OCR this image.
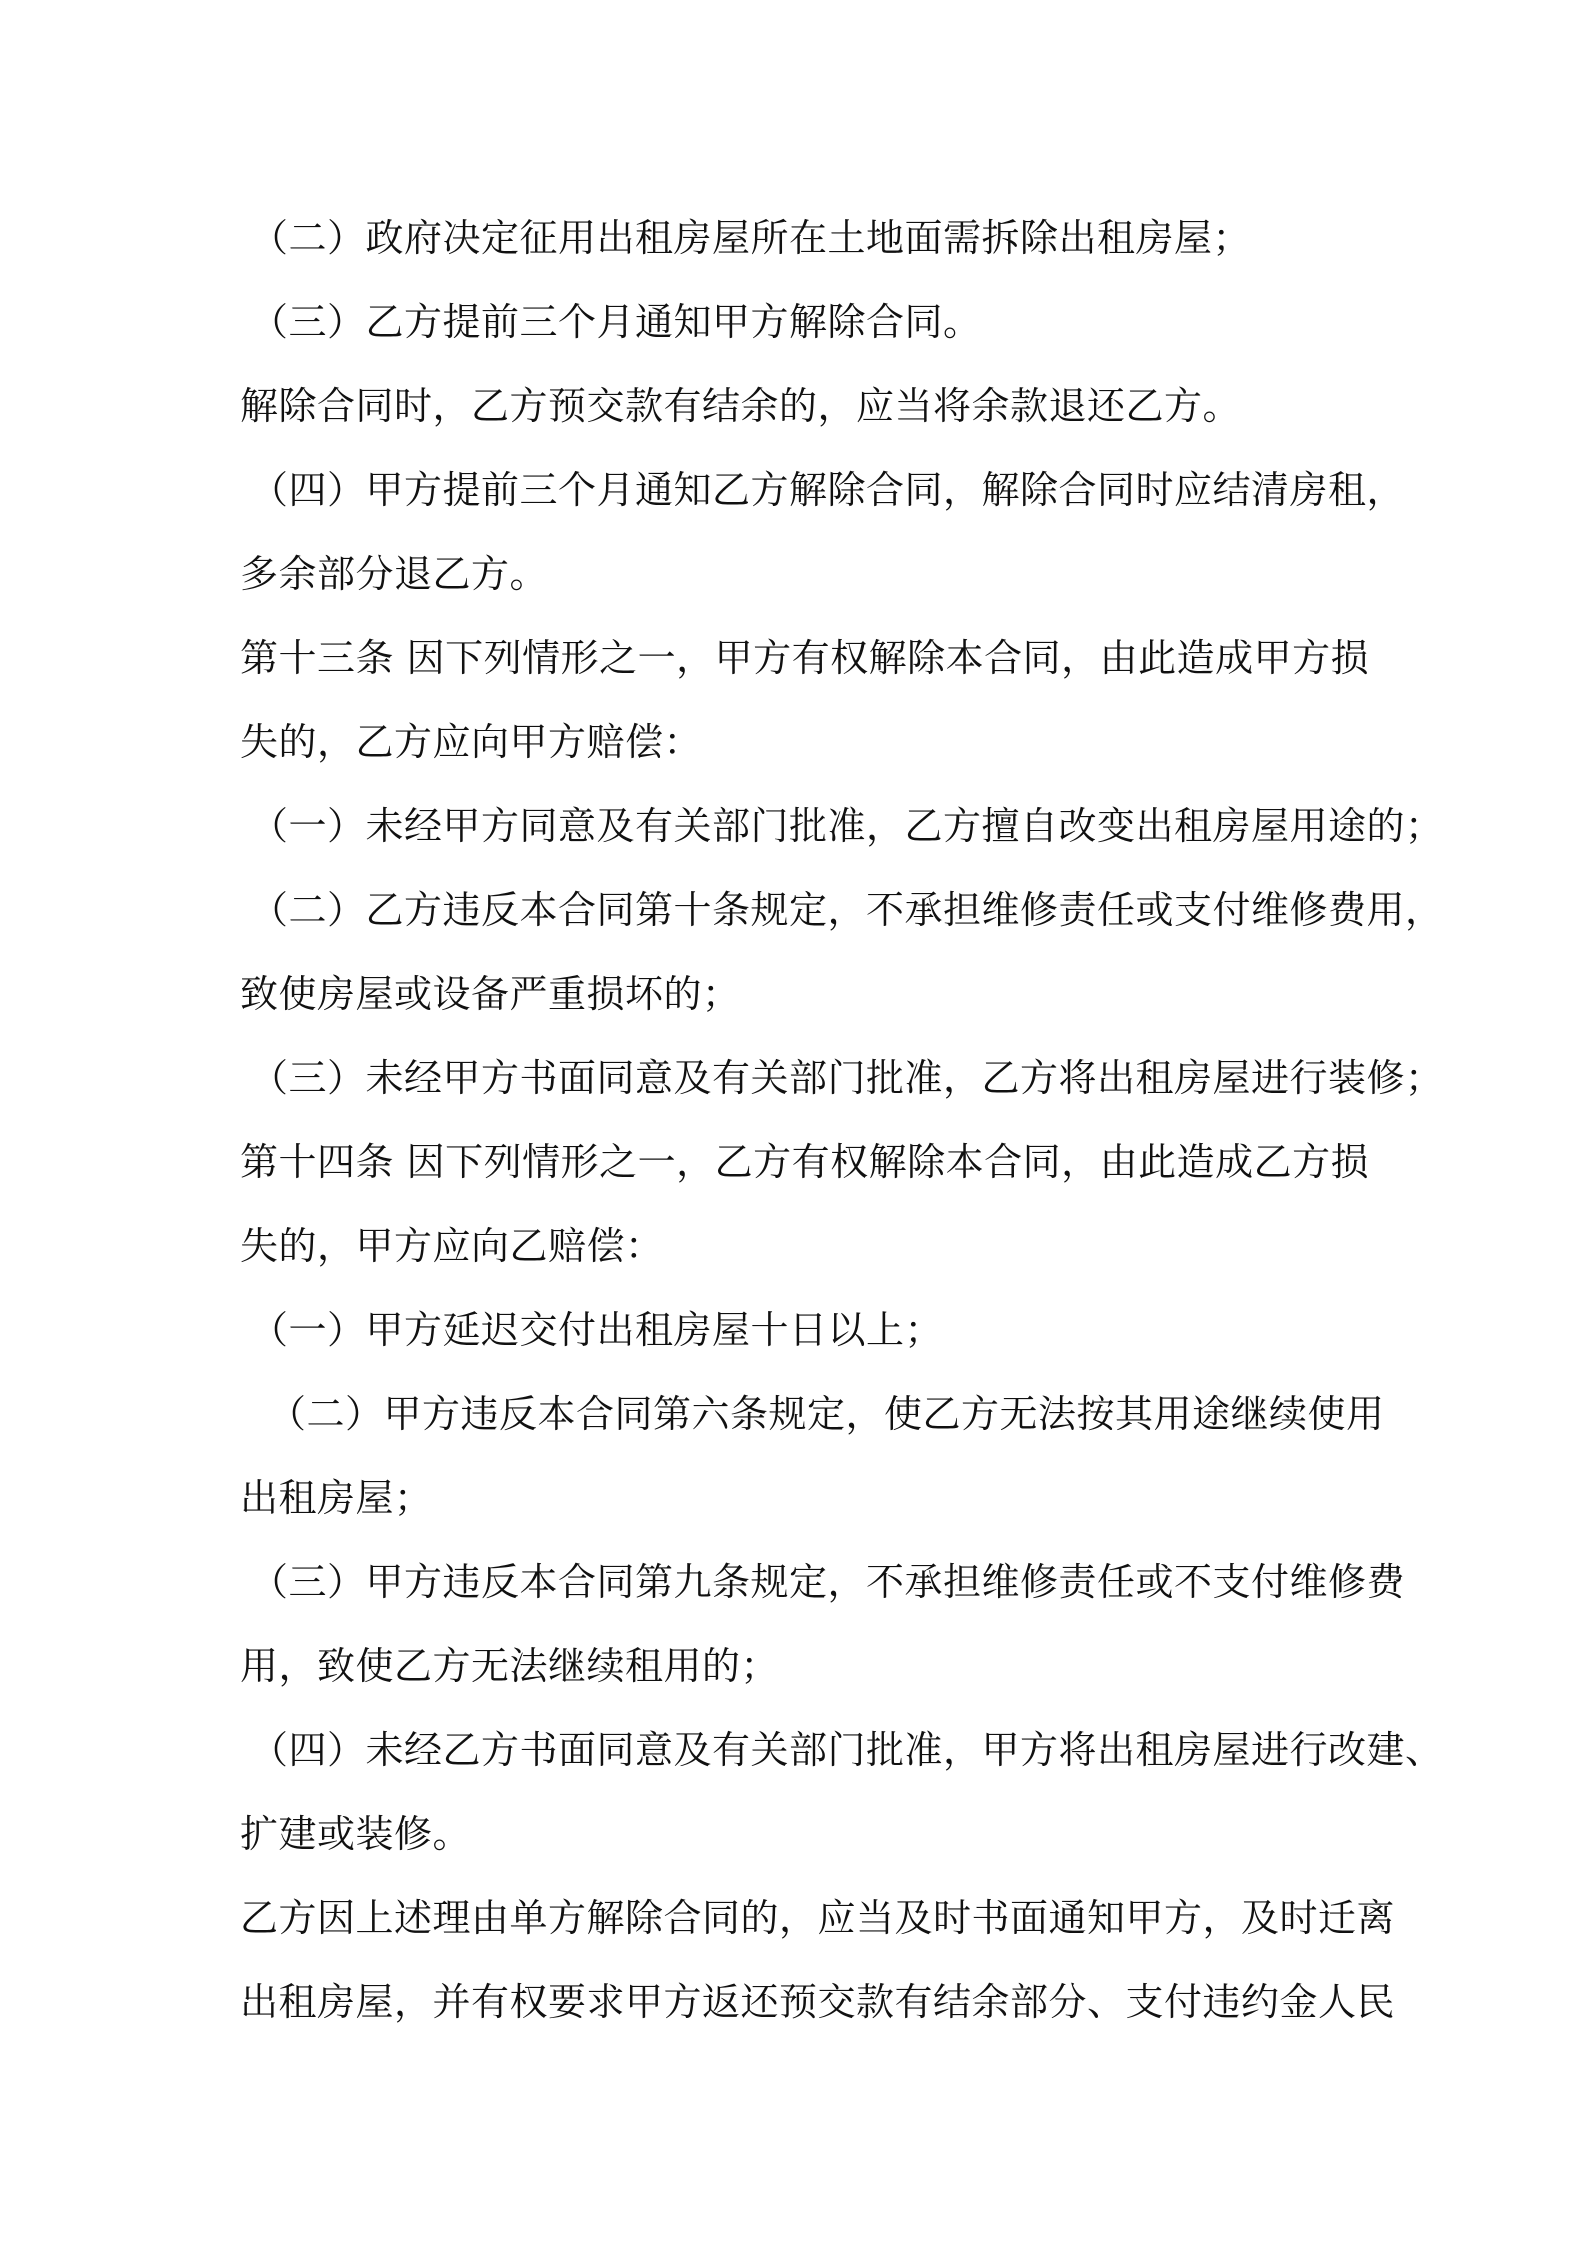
（二）政府决定征用出租房屋所在土地面需拆除出租房屋；
（三）乙方提前三个月通知甲方解除合同。
解除合同时，乙方预交款有结余的，应当将余款退还乙方。
（四）甲方提前三个月通知乙方解除合同，解除合同时应结清房租，
多余部分退乙方。
第十三条 因下列情形之一，甲方有权解除本合同，由此造成甲方损
失的，乙方应向甲方赔偿：
（一）未经甲方同意及有关部门批准，乙方擅自改变出租房屋用途的；
（二）乙方违反本合同第十条规定，不承担维修责任或支付维修费用，
致使房屋或设备严重损坏的；
（三）未经甲方书面同意及有关部门批准，乙方将出租房屋进行装修；
第十四条 因下列情形之一，乙方有权解除本合同，由此造成乙方损
失的，甲方应向乙赔偿：
（一）甲方延迟交付出租房屋十日以上；
（二）甲方违反本合同第六条规定，使乙方无法按其用途继续使用
出租房屋；
（三）甲方违反本合同第九条规定，不承担维修责任或不支付维修费
用，致使乙方无法继续租用的；
（四）未经乙方书面同意及有关部门批准，甲方将出租房屋进行改建、
扩建或装修。
乙方因上述理由单方解除合同的，应当及时书面通知甲方，及时迁离
出租房屋，并有权要求甲方返还预交款有结余部分、支付违约金人民
